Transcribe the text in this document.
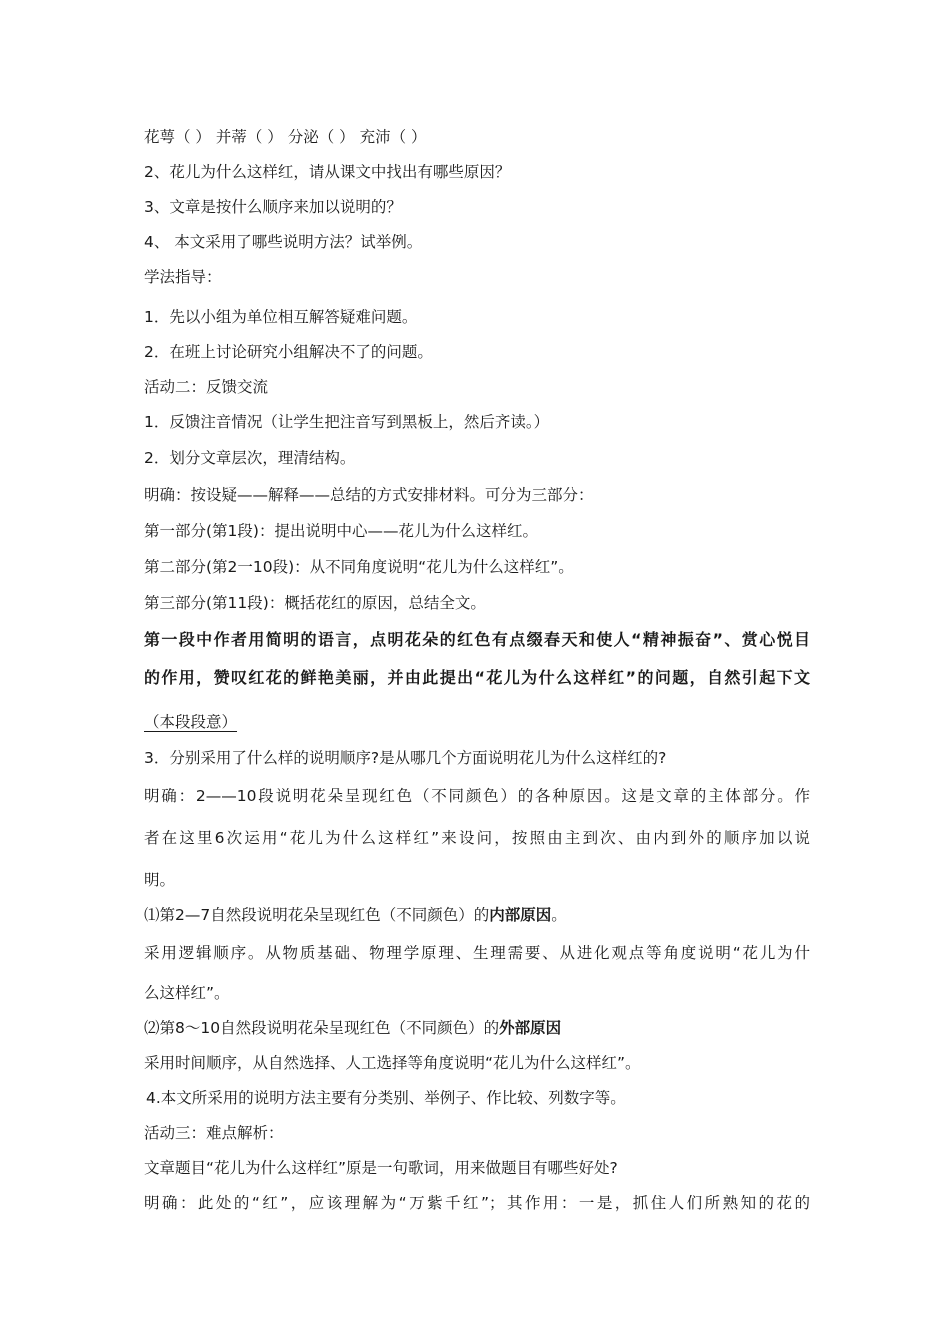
花萼（ ） 并蒂（ ） 分泌（ ） 充沛（ ）
2、花儿为什么这样红，请从课文中找出有哪些原因？
3、文章是按什么顺序来加以说明的？
4、 本文采用了哪些说明方法？试举例。
学法指导：
1．先以小组为单位相互解答疑难问题。
2．在班上讨论研究小组解决不了的问题。
活动二：反馈交流
1．反馈注音情况（让学生把注音写到黑板上，然后齐读。）
2．划分文章层次，理清结构。
明确：按设疑——解释——总结的方式安排材料。可分为三部分：
第一部分(第1段)：提出说明中心——花儿为什么这样红。
第二部分(第2一10段)：从不同角度说明“花儿为什么这样红”。
第三部分(第11段)：概括花红的原因，总结全文。
第一段中作者用简明的语言，点明花朵的红色有点缀春天和使人“精神振奋”、赏心悦目
的作用，赞叹红花的鲜艳美丽，并由此提出“花儿为什么这样红”的问题，自然引起下文
（本段段意）
3．分别采用了什么样的说明顺序?是从哪几个方面说明花儿为什么这样红的?
明确：2——10段说明花朵呈现红色（不同颜色）的各种原因。这是文章的主体部分。作
者在这里6次运用“花儿为什么这样红”来设问，按照由主到次、由内到外的顺序加以说
明。
⑴第2—7自然段说明花朵呈现红色（不同颜色）的内部原因。
采用逻辑顺序。从物质基础、物理学原理、生理需要、从进化观点等角度说明“花儿为什
么这样红”。
⑵第8～10自然段说明花朵呈现红色（不同颜色）的外部原因
采用时间顺序，从自然选择、人工选择等角度说明“花儿为什么这样红”。
4.本文所采用的说明方法主要有分类别、举例子、作比较、列数字等。
活动三：难点解析：
文章题目“花儿为什么这样红”原是一句歌词，用来做题目有哪些好处?
明确：此处的“红”，应该理解为“万紫千红”；其作用：一是，抓住人们所熟知的花的
